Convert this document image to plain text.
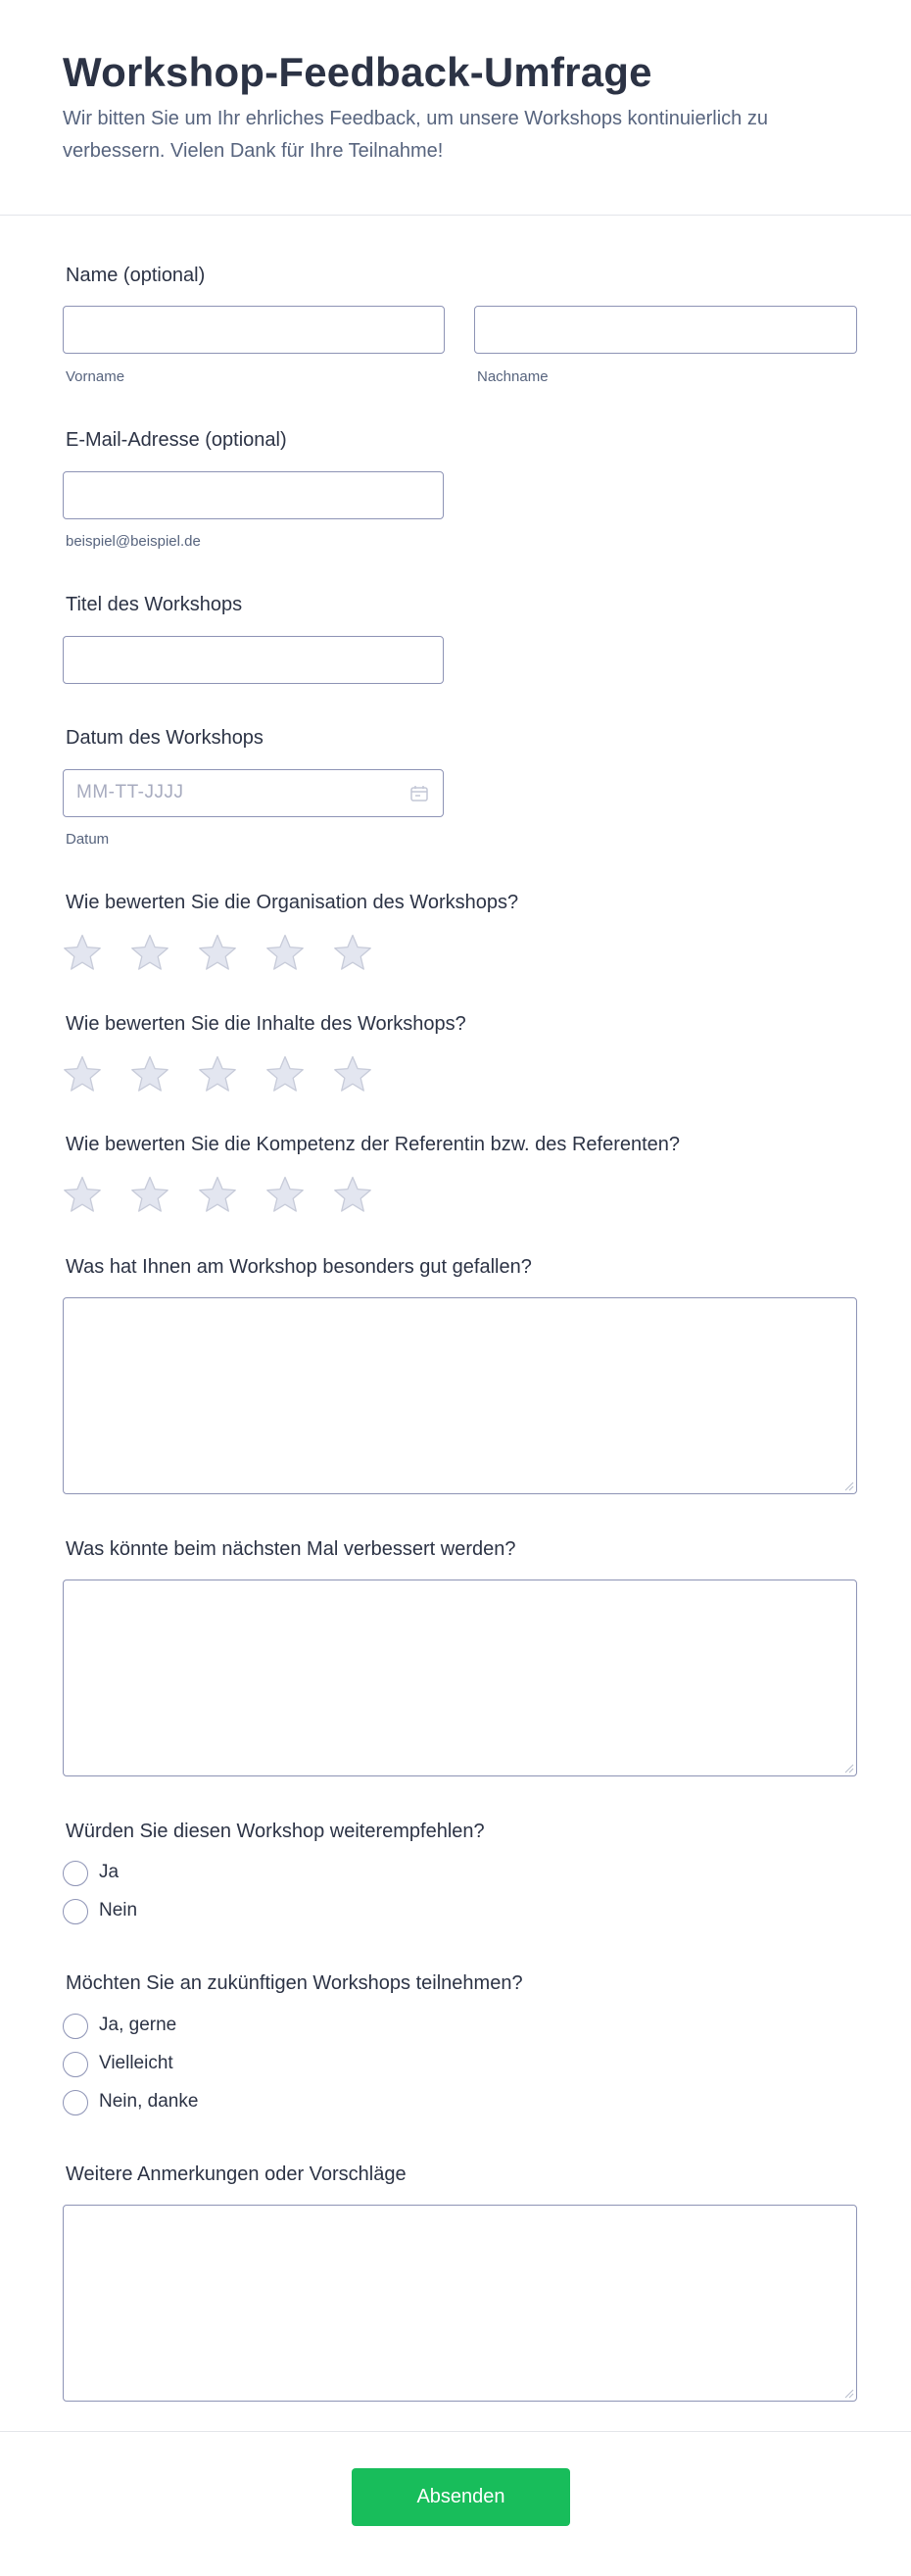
Workshop-Feedback-Umfrage

Wir bitten Sie um Ihr ehrliches Feedback, um unsere Workshops kontinuierlich zu verbessern. Vielen Dank für Ihre Teilnahme!

Name (optional)
Vorname	Nachname
E-Mail-Adresse (optional)
beispiel@beispiel.de
Titel des Workshops
Datum des Workshops
MM-TT-JJJJ
Datum
Wie bewerten Sie die Organisation des Workshops?
Wie bewerten Sie die Inhalte des Workshops?
Wie bewerten Sie die Kompetenz der Referentin bzw. des Referenten?
Was hat Ihnen am Workshop besonders gut gefallen?
Was könnte beim nächsten Mal verbessert werden?
Würden Sie diesen Workshop weiterempfehlen?
Ja
Nein
Möchten Sie an zukünftigen Workshops teilnehmen?
Ja, gerne
Vielleicht
Nein, danke
Weitere Anmerkungen oder Vorschläge
Absenden
